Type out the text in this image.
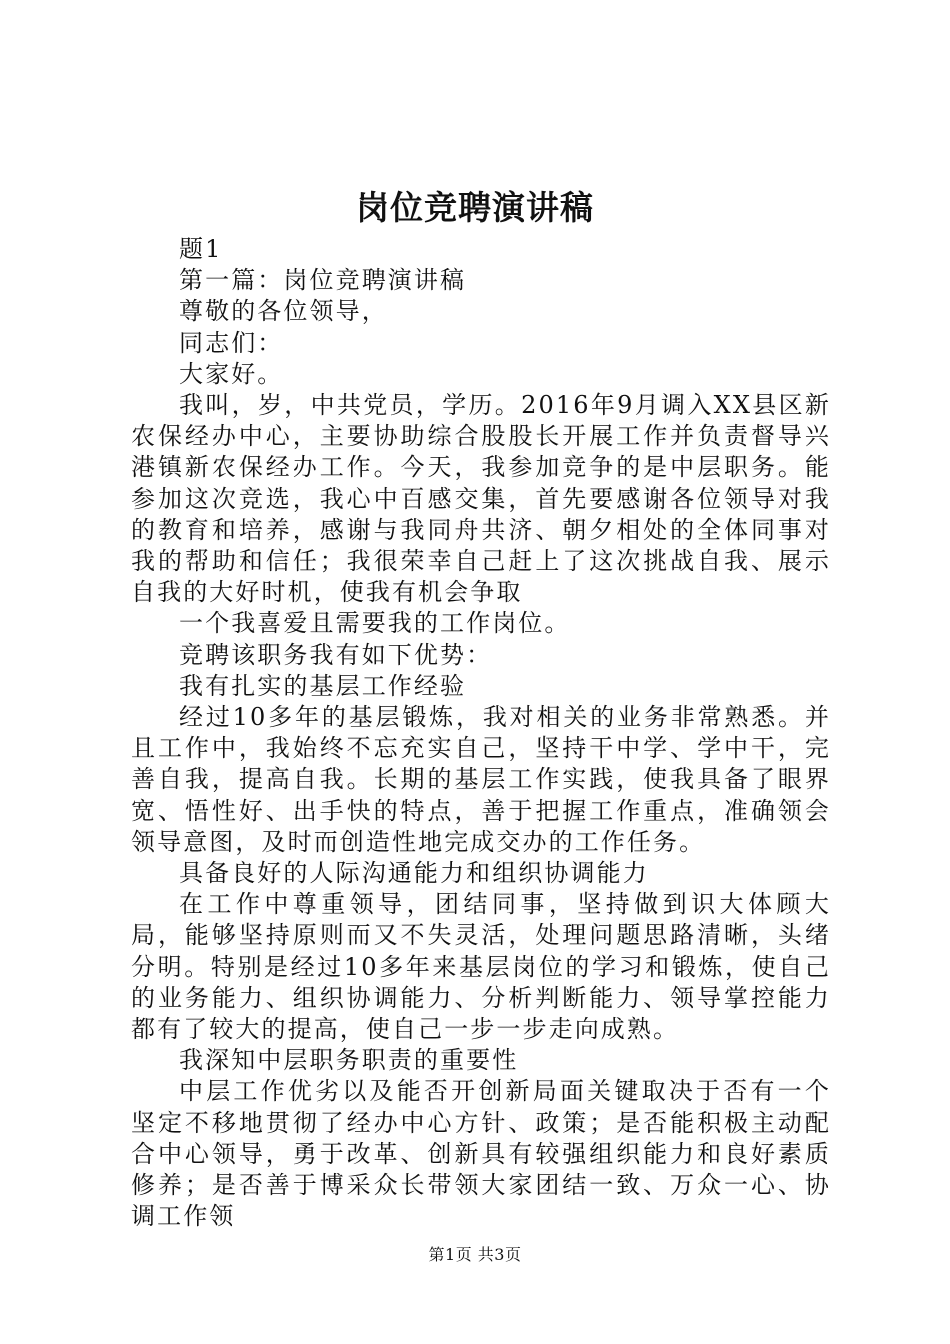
岗位竞聘演讲稿

题1

第一篇：岗位竞聘演讲稿

尊敬的各位领导，

同志们：

大家好。

我叫，岁，中共党员，学历。2016年9月调入XX县区新农保经办中心，主要协助综合股股长开展工作并负责督导兴港镇新农保经办工作。今天，我参加竞争的是中层职务。能参加这次竞选，我心中百感交集，首先要感谢各位领导对我的教育和培养，感谢与我同舟共济、朝夕相处的全体同事对我的帮助和信任；我很荣幸自己赶上了这次挑战自我、展示自我的大好时机，使我有机会争取

一个我喜爱且需要我的工作岗位。

竞聘该职务我有如下优势：

我有扎实的基层工作经验

经过10多年的基层锻炼，我对相关的业务非常熟悉。并且工作中，我始终不忘充实自己，坚持干中学、学中干，完善自我，提高自我。长期的基层工作实践，使我具备了眼界宽、悟性好、出手快的特点，善于把握工作重点，准确领会领导意图，及时而创造性地完成交办的工作任务。

具备良好的人际沟通能力和组织协调能力

在工作中尊重领导，团结同事，坚持做到识大体顾大局，能够坚持原则而又不失灵活，处理问题思路清晰，头绪分明。特别是经过10多年来基层岗位的学习和锻炼，使自己的业务能力、组织协调能力、分析判断能力、领导掌控能力都有了较大的提高，使自己一步一步走向成熟。

我深知中层职务职责的重要性

中层工作优劣以及能否开创新局面关键取决于否有一个坚定不移地贯彻了经办中心方针、政策；是否能积极主动配合中心领导，勇于改革、创新具有较强组织能力和良好素质修养；是否善于博采众长带领大家团结一致、万众一心、协调工作领

第1页 共3页
